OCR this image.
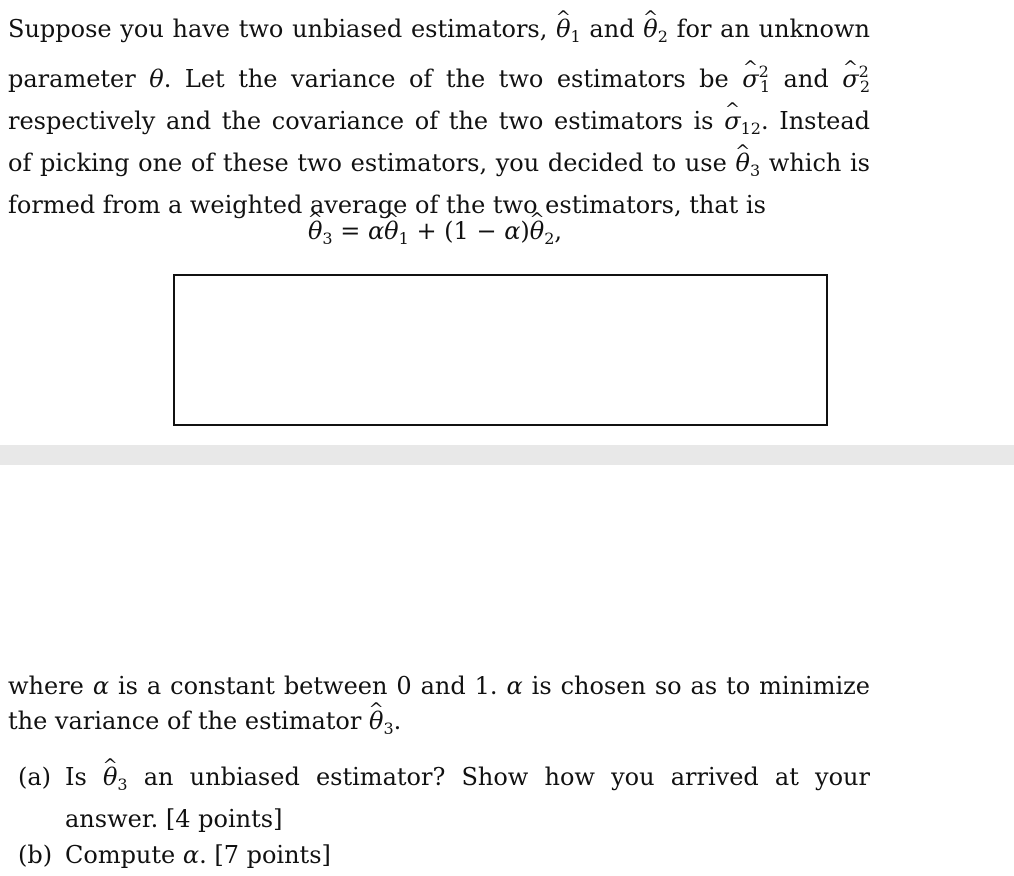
Suppose you have two unbiased estimators, ^ $\theta_1$ and ^ $\theta_2$ for an unknown parameter θ. Let the variance of the two estimators be ^ $\sigma^2_1$ and ^ $\sigma^2_2$ respectively and the covariance of the two estimators is ^ $\sigma_{12}$. Instead of picking one of these two estimators, you decided to use ^ $\theta_3$ which is formed from a weighted average of the two estimators, that is

^ $\theta_3$ = α^ $\theta_1 + (1$ − α)^ $\theta_2$,

where α is a constant between 0 and 1. α is chosen so as to minimize the variance of the estimator ^ $\theta_3$.

(a) Is ^ $\theta_3$ an unbiased estimator? Show how you arrived at your answer. [4 points]
(b) Compute α. [7 points]
